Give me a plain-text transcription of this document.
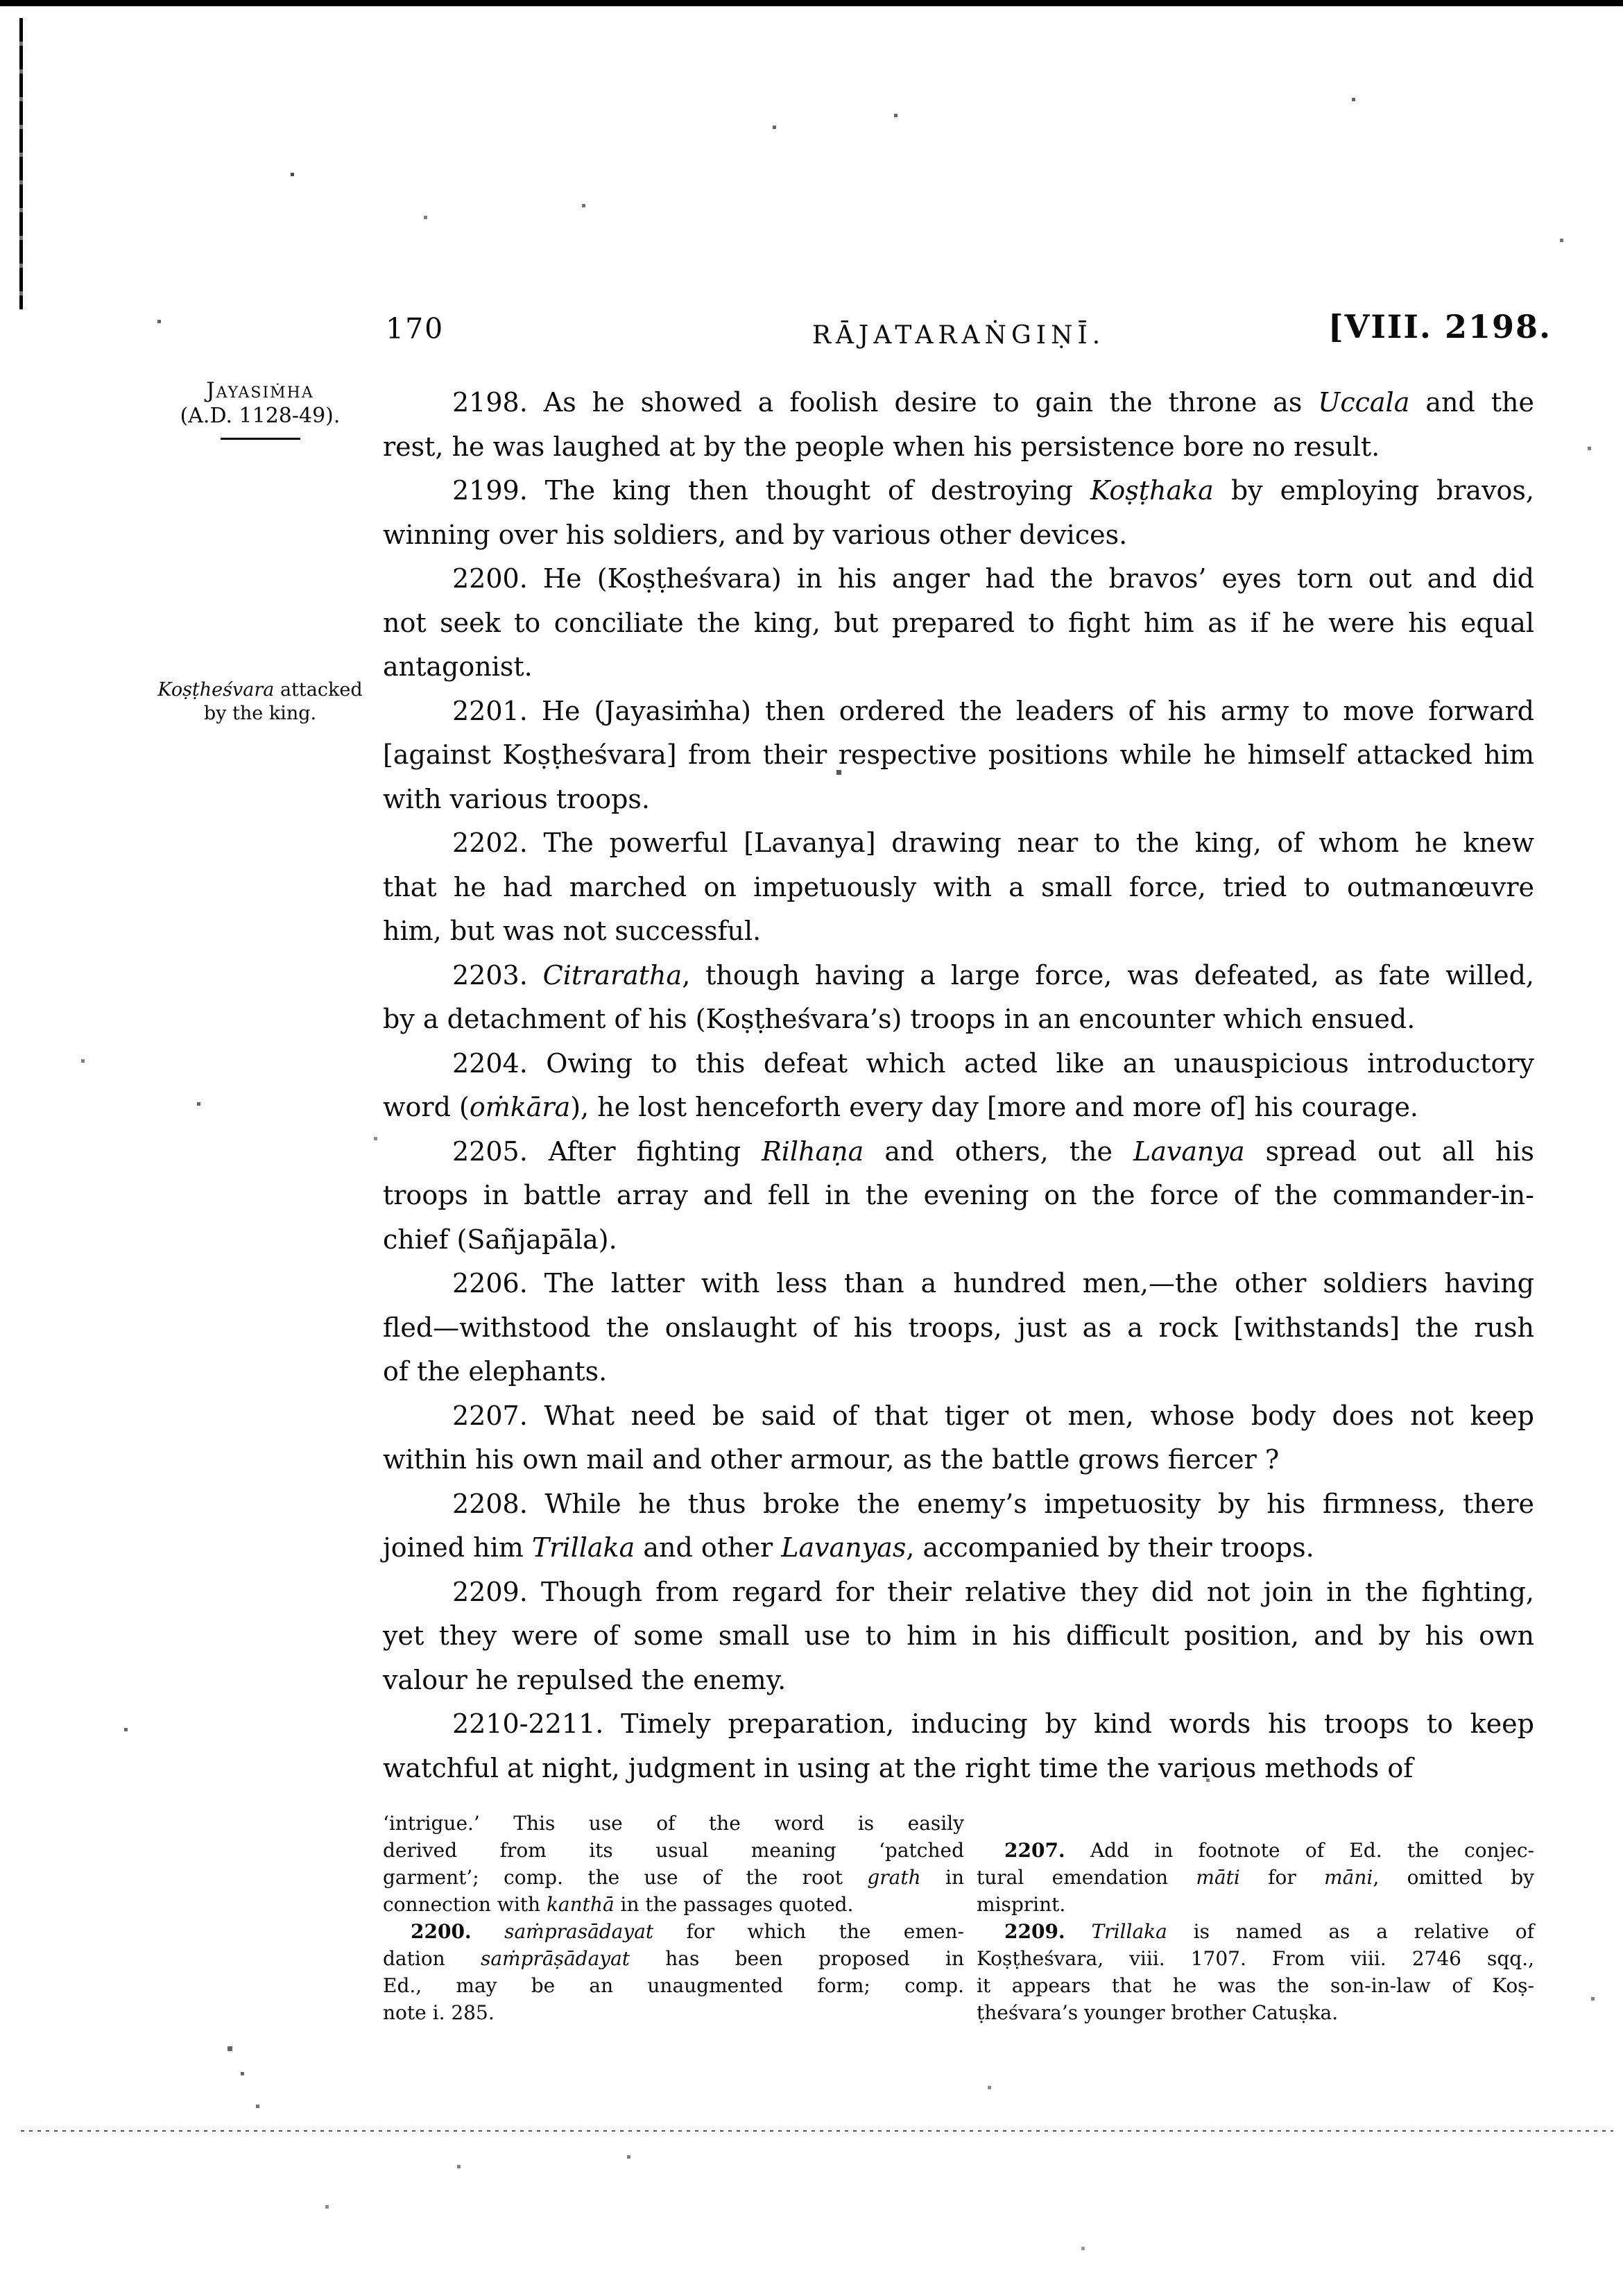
170	RĀJATARAṄGIṆĪ.	[VIII. 2198.
Jayasiṁha
(A.D. 1128-49).
Koṣṭheśvara attacked
by the king.
2198. As he showed a foolish desire to gain the throne as Uccala and the
rest, he was laughed at by the people when his persistence bore no result.
2199. The king then thought of destroying Koṣṭhaka by employing bravos,
winning over his soldiers, and by various other devices.
2200. He (Koṣṭheśvara) in his anger had the bravos’ eyes torn out and did
not seek to conciliate the king, but prepared to fight him as if he were his equal
antagonist.
2201. He (Jayasiṁha) then ordered the leaders of his army to move forward
[against Koṣṭheśvara] from their respective positions while he himself attacked him
with various troops.
2202. The powerful [Lavanya] drawing near to the king, of whom he knew
that he had marched on impetuously with a small force, tried to outmanœuvre
him, but was not successful.
2203. Citraratha, though having a large force, was defeated, as fate willed,
by a detachment of his (Koṣṭheśvara’s) troops in an encounter which ensued.
2204. Owing to this defeat which acted like an unauspicious introductory
word (oṁkāra), he lost henceforth every day [more and more of] his courage.
2205. After fighting Rilhaṇa and others, the Lavanya spread out all his
troops in battle array and fell in the evening on the force of the commander-in-
chief (Sañjapāla).
2206. The latter with less than a hundred men,—the other soldiers having
fled—withstood the onslaught of his troops, just as a rock [withstands] the rush
of the elephants.
2207. What need be said of that tiger ot men, whose body does not keep
within his own mail and other armour, as the battle grows fiercer ?
2208. While he thus broke the enemy’s impetuosity by his firmness, there
joined him Trillaka and other Lavanyas, accompanied by their troops.
2209. Though from regard for their relative they did not join in the fighting,
yet they were of some small use to him in his difficult position, and by his own
valour he repulsed the enemy.
2210-2211. Timely preparation, inducing by kind words his troops to keep
watchful at night, judgment in using at the right time the various methods of
‘intrigue.’ This use of the word is easily
derived from its usual meaning ‘patched
garment’; comp. the use of the root grath in
connection with kanthā in the passages quoted.
2200. saṁprasādayat for which the emen-
dation saṁprāṣādayat has been proposed in
Ed., may be an unaugmented form; comp.
note i. 285.
2207. Add in footnote of Ed. the conjec-
tural emendation māti for māni, omitted by
misprint.
2209. Trillaka is named as a relative of
Koṣṭheśvara, viii. 1707. From viii. 2746 sqq.,
it appears that he was the son-in-law of Koṣ-
ṭheśvara’s younger brother Catuṣka.
